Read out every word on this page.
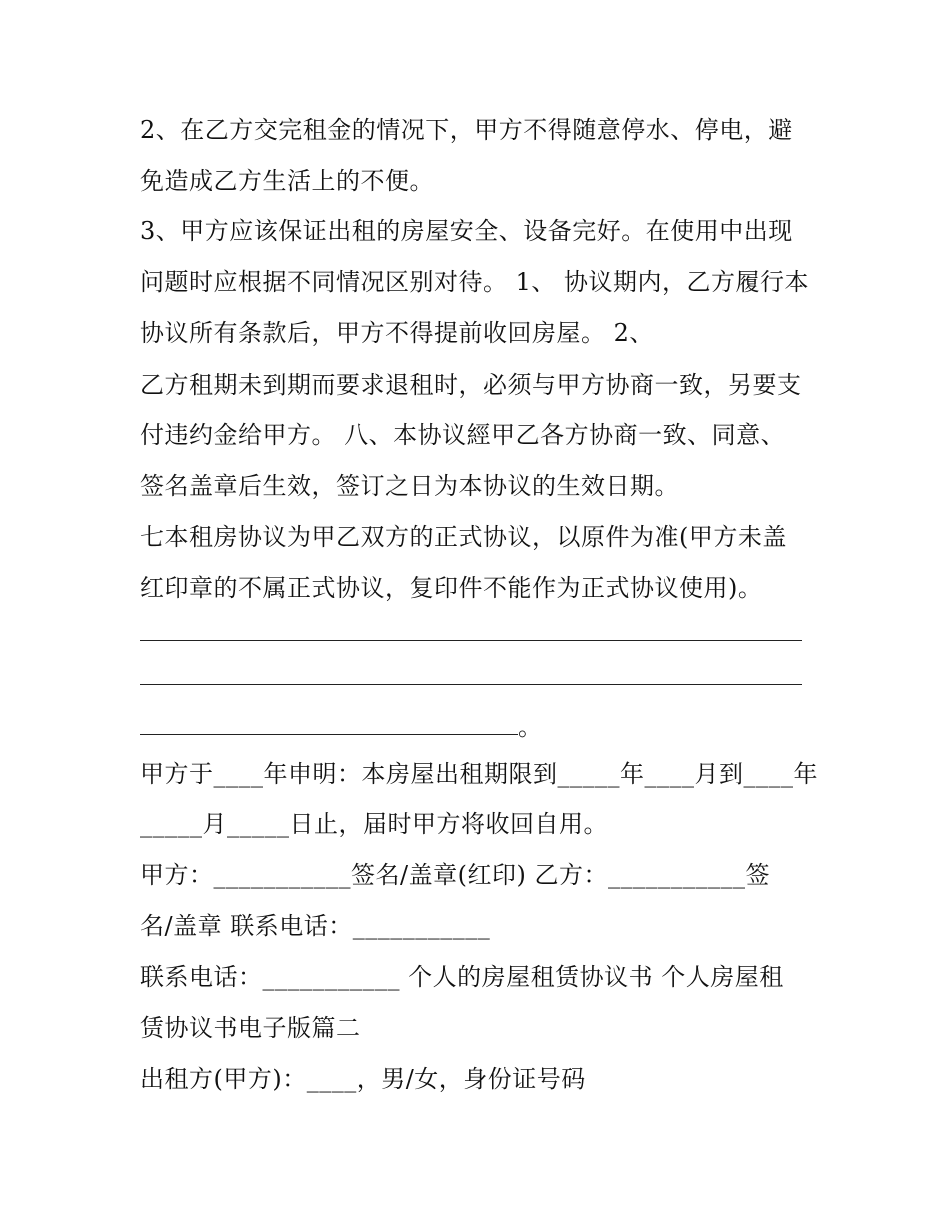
2、在乙方交完租金的情况下，甲方不得随意停水、停电，避
免造成乙方生活上的不便。
3、甲方应该保证出租的房屋安全、设备完好。在使用中出现
问题时应根据不同情况区别对待。 1、 协议期内，乙方履行本
协议所有条款后，甲方不得提前收回房屋。 2、
乙方租期未到期而要求退租时，必须与甲方协商一致，另要支
付违约金给甲方。 八、本协议經甲乙各方协商一致、同意、
签名盖章后生效，签订之日为本协议的生效日期。
七本租房协议为甲乙双方的正式协议，以原件为准(甲方未盖
红印章的不属正式协议，复印件不能作为正式协议使用)。
。
甲方于____年申明：本房屋出租期限到_____年____月到____年
_____月_____日止，届时甲方将收回自用。
甲方：___________签名/盖章(红印) 乙方：___________签
名/盖章 联系电话：___________
联系电话：___________ 个人的房屋租赁协议书 个人房屋租
赁协议书电子版篇二
出租方(甲方)：____，男/女，身份证号码
